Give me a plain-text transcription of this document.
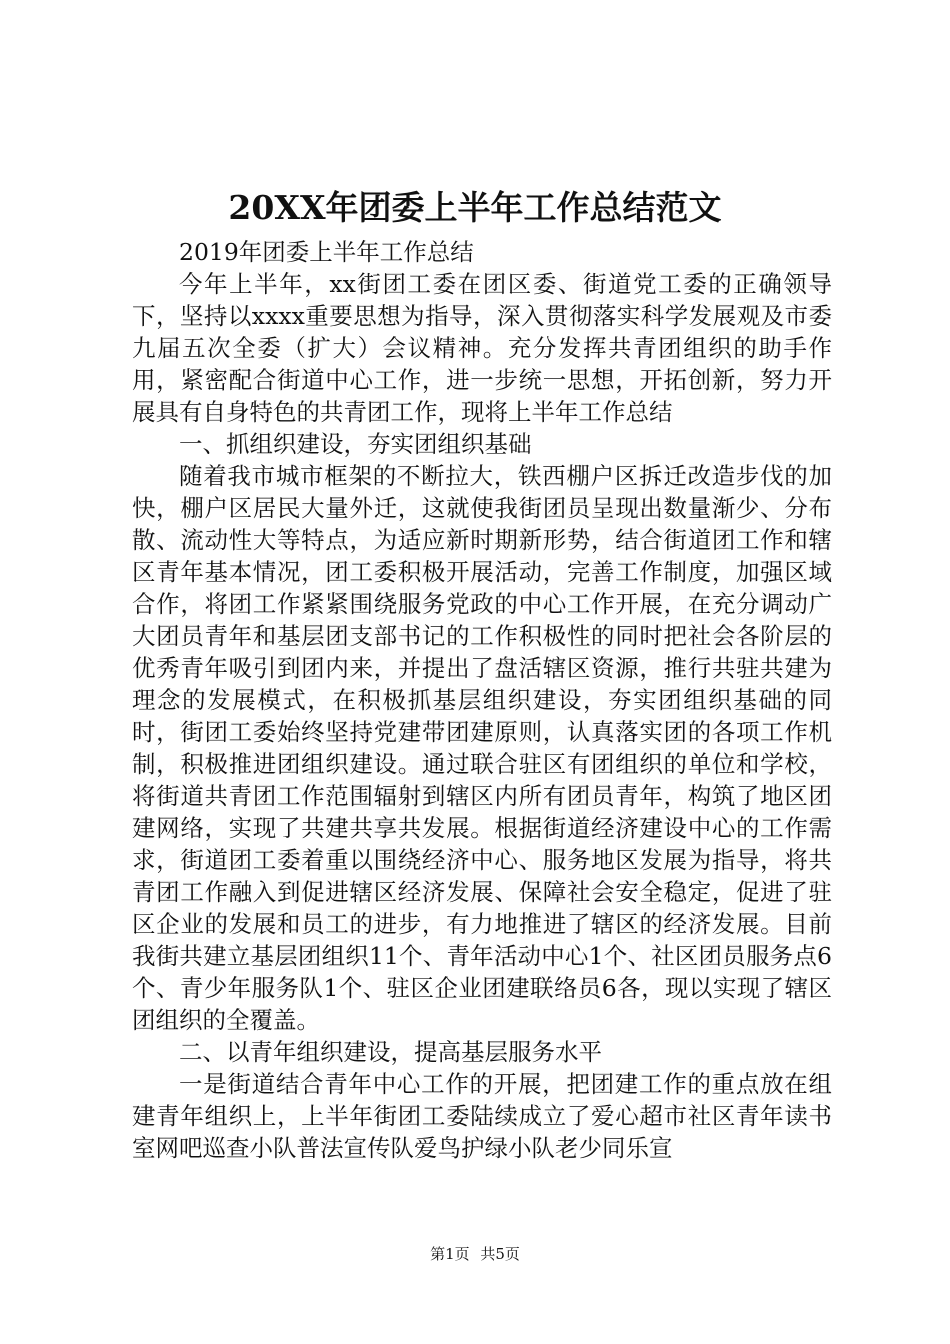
20XX年团委上半年工作总结范文

2019年团委上半年工作总结

今年上半年，xx街团工委在团区委、街道党工委的正确领导下，坚持以xxxx重要思想为指导，深入贯彻落实科学发展观及市委九届五次全委（扩大）会议精神。充分发挥共青团组织的助手作用，紧密配合街道中心工作，进一步统一思想，开拓创新，努力开展具有自身特色的共青团工作，现将上半年工作总结

一、抓组织建设，夯实团组织基础

随着我市城市框架的不断拉大，铁西棚户区拆迁改造步伐的加快，棚户区居民大量外迁，这就使我街团员呈现出数量渐少、分布散、流动性大等特点，为适应新时期新形势，结合街道团工作和辖区青年基本情况，团工委积极开展活动，完善工作制度，加强区域合作，将团工作紧紧围绕服务党政的中心工作开展，在充分调动广大团员青年和基层团支部书记的工作积极性的同时把社会各阶层的优秀青年吸引到团内来，并提出了盘活辖区资源，推行共驻共建为理念的发展模式，在积极抓基层组织建设，夯实团组织基础的同时，街团工委始终坚持党建带团建原则，认真落实团的各项工作机制，积极推进团组织建设。通过联合驻区有团组织的单位和学校，将街道共青团工作范围辐射到辖区内所有团员青年，构筑了地区团建网络，实现了共建共享共发展。根据街道经济建设中心的工作需求，街道团工委着重以围绕经济中心、服务地区发展为指导，将共青团工作融入到促进辖区经济发展、保障社会安全稳定，促进了驻区企业的发展和员工的进步，有力地推进了辖区的经济发展。目前我街共建立基层团组织11个、青年活动中心1个、社区团员服务点6个、青少年服务队1个、驻区企业团建联络员6各，现以实现了辖区团组织的全覆盖。

二、以青年组织建设，提高基层服务水平

一是街道结合青年中心工作的开展，把团建工作的重点放在组建青年组织上，上半年街团工委陆续成立了爱心超市社区青年读书室网吧巡查小队普法宣传队爱鸟护绿小队老少同乐宣

第1页 共5页
